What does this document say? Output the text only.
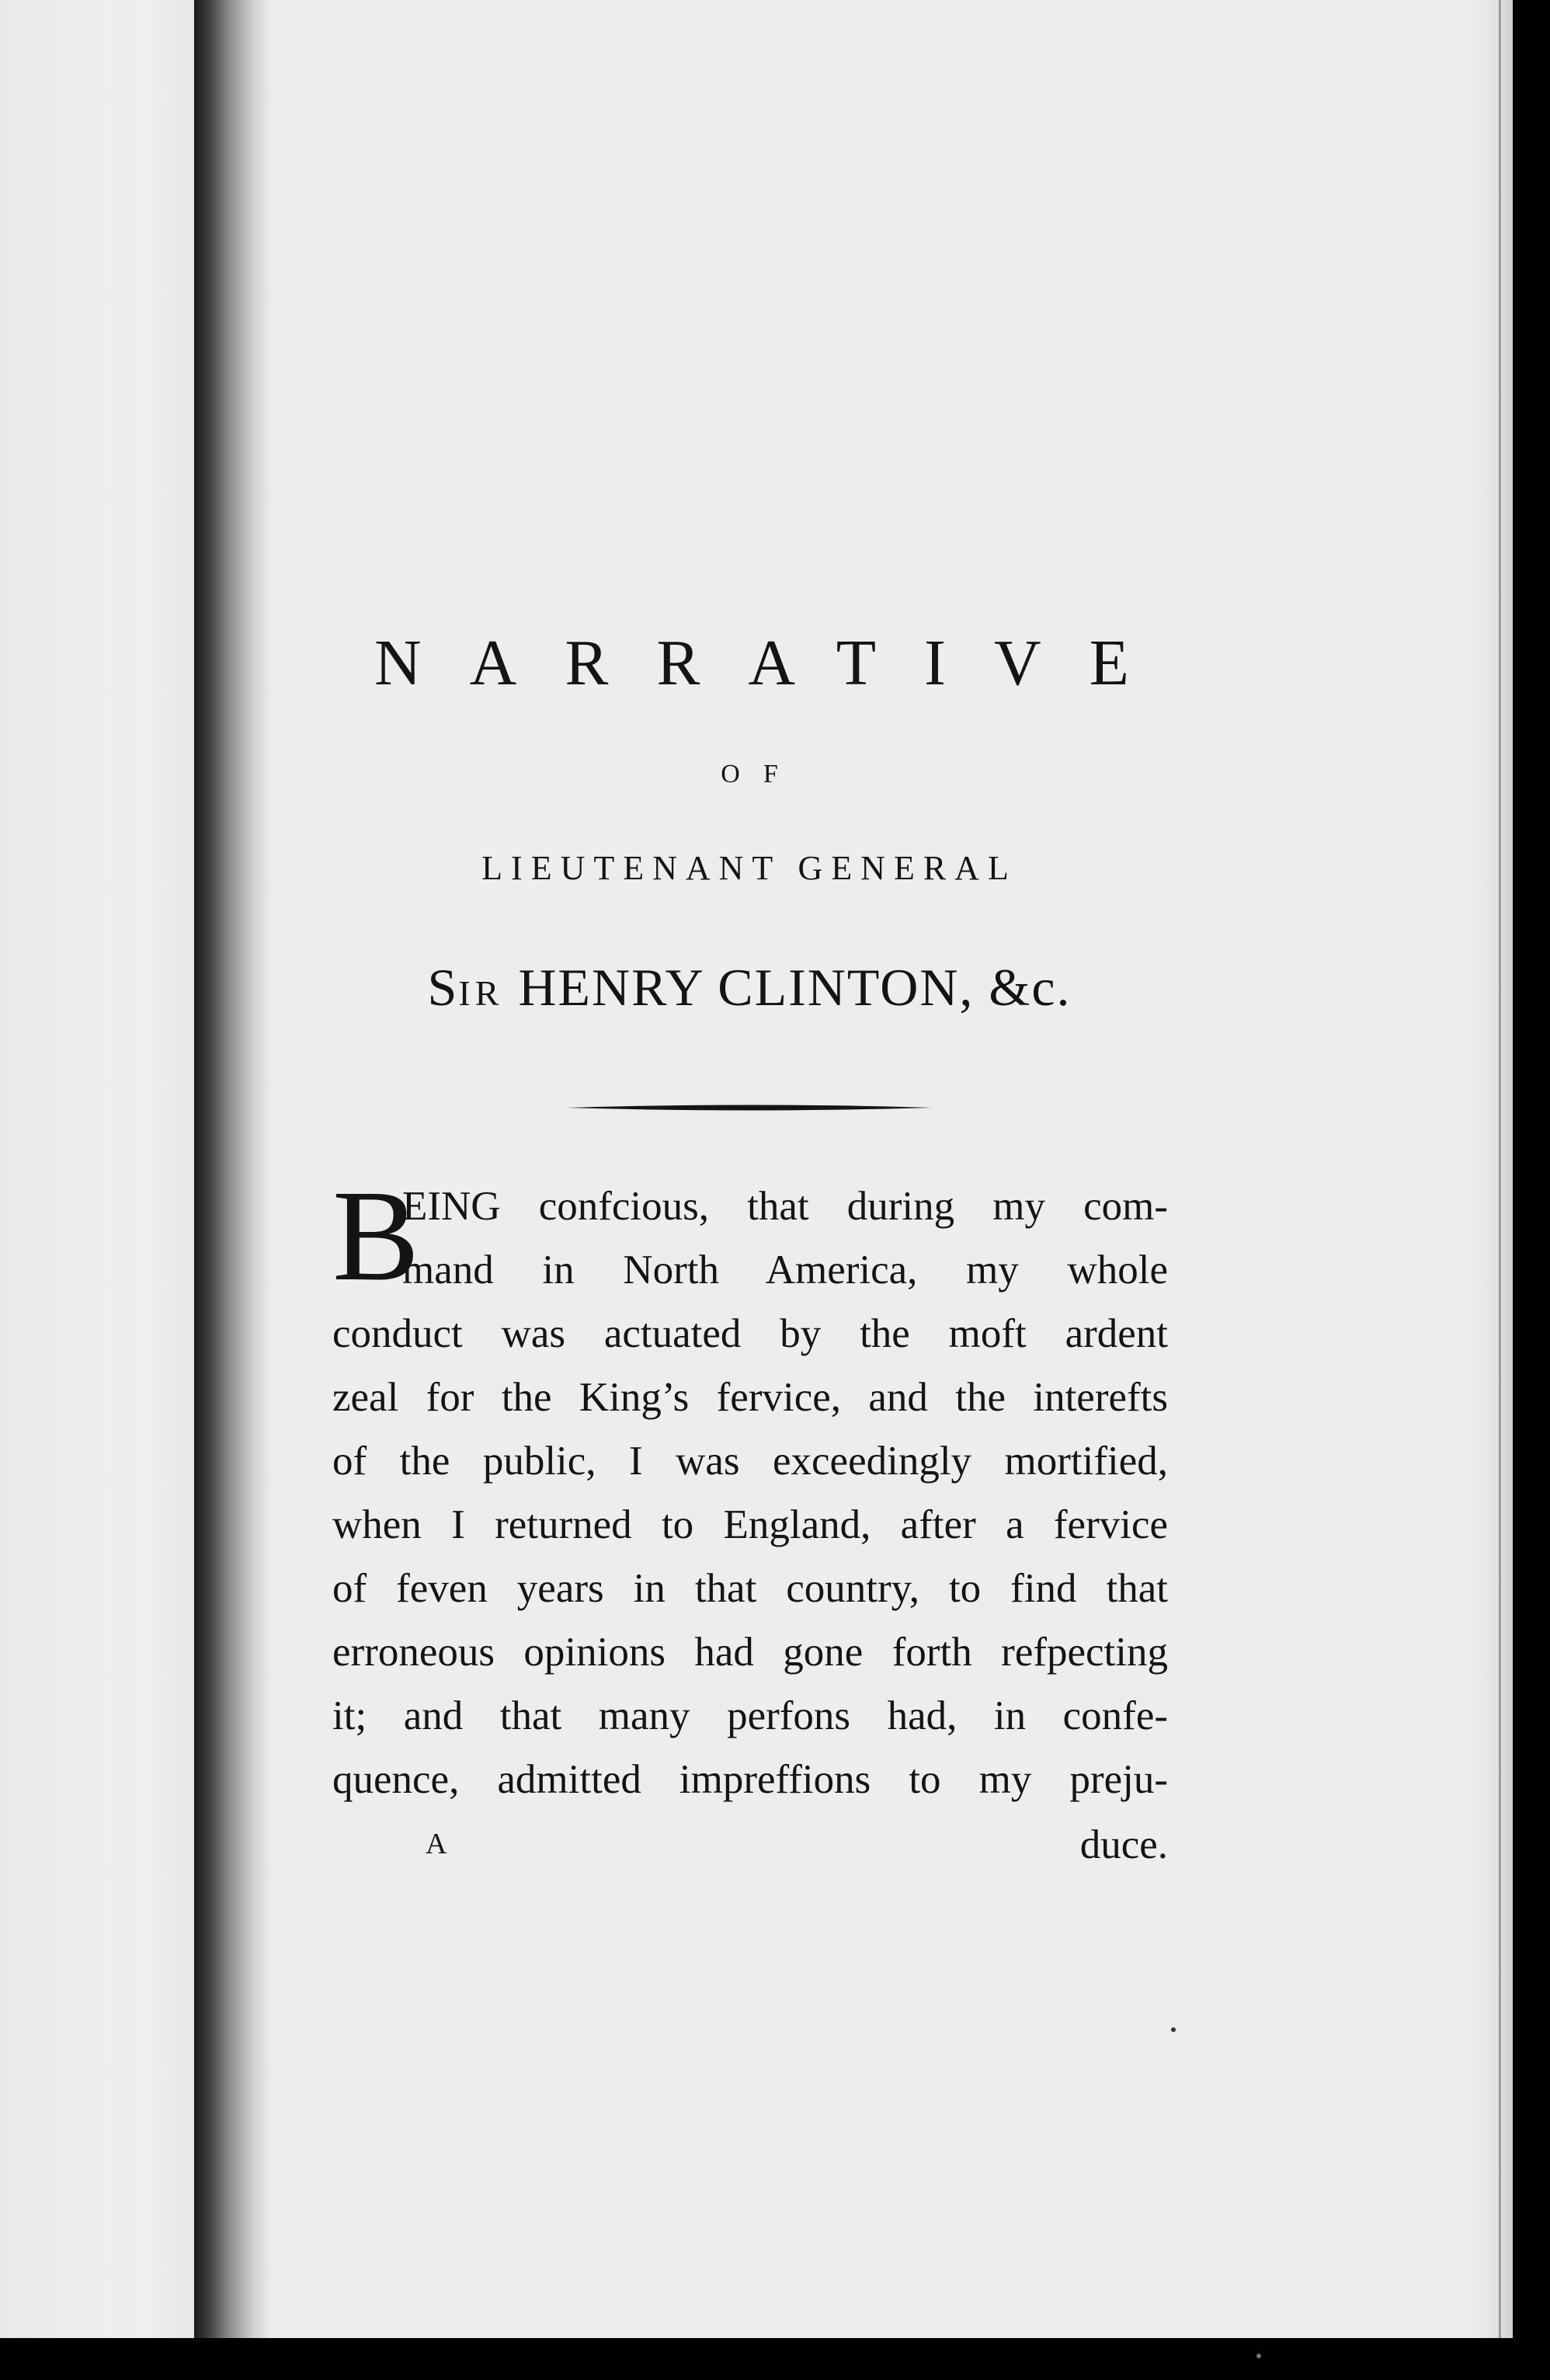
NARRATIVE
OF
LIEUTENANT GENERAL
SIR HENRY CLINTON, &c.
B
EING confcious, that during my com-
mand in North America, my whole
conduct was actuated by the moft ardent
zeal for the King’s fervice, and the interefts
of the public, I was exceedingly mortified,
when I returned to England, after a fervice
of feven years in that country, to find that
erroneous opinions had gone forth refpecting
it; and that many perfons had, in confe-
quence, admitted impreffions to my preju-
A	duce.
